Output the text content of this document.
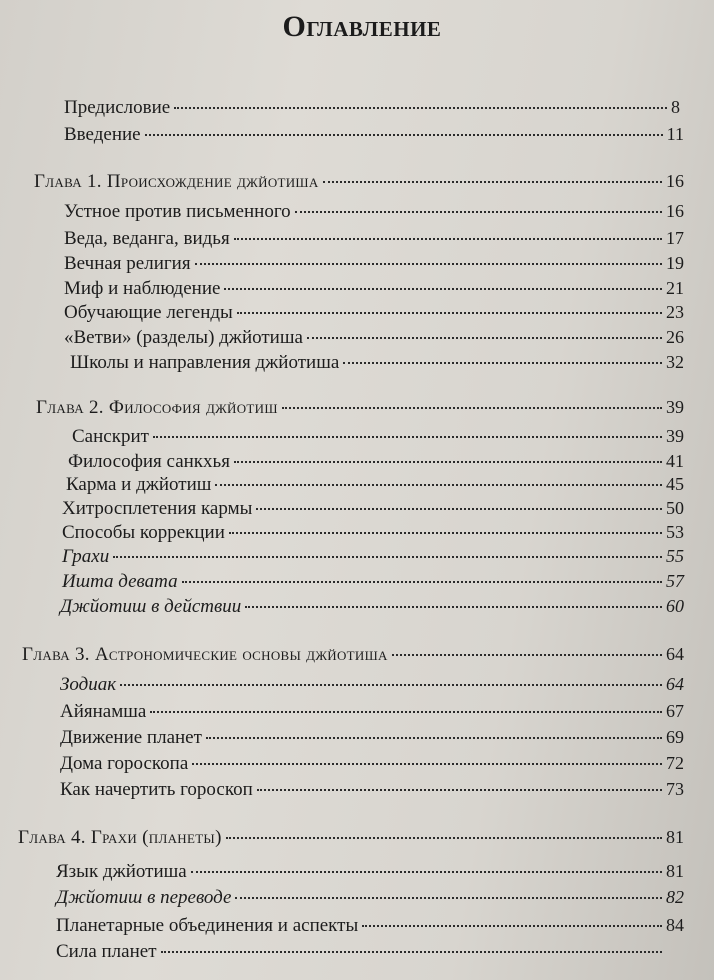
Оглавление
Предисловие	8
Введение	11
Глава 1. Происхождение джйотиша	16
Устное против письменного	16
Веда, веданга, видья	17
Вечная религия	19
Миф и наблюдение	21
Обучающие легенды	23
«Ветви» (разделы) джйотиша	26
Школы и направления джйотиша	32
Глава 2. Философия джйотиш	39
Санскрит	39
Философия санкхья	41
Карма и джйотиш	45
Хитросплетения кармы	50
Способы коррекции	53
Грахи	55
Ишта девата	57
Джйотиш в действии	60
Глава 3. Астрономические основы джйотиша	64
Зодиак	64
Айянамша	67
Движение планет	69
Дома гороскопа	72
Как начертить гороскоп	73
Глава 4. Грахи (планеты)	81
Язык джйотиша	81
Джйотиш в переводе	82
Планетарные объединения и аспекты	84
Сила планет
